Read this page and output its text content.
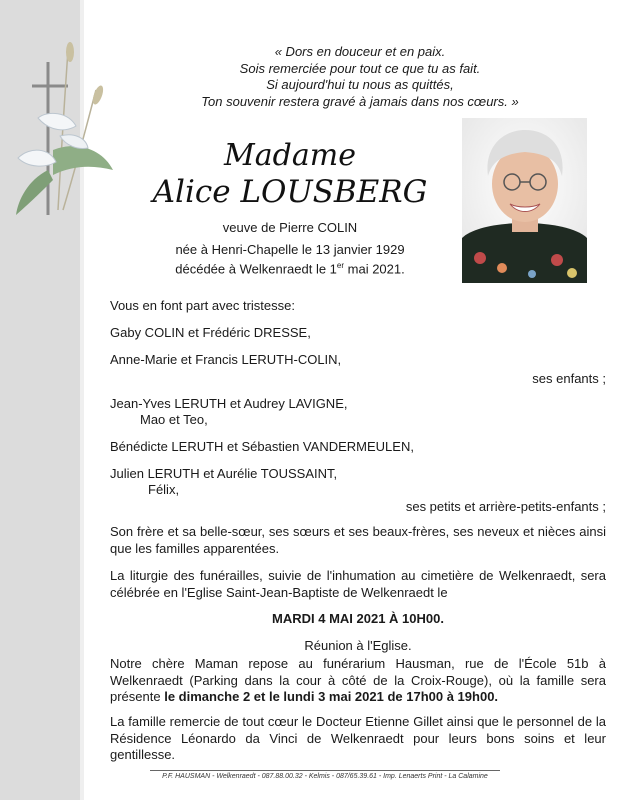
« Dors en douceur et en paix.
Sois remerciée pour tout ce que tu as fait.
Si aujourd'hui tu nous as quittés,
Ton souvenir restera gravé à jamais dans nos cœurs. »
Madame
Alice LOUSBERG
veuve de Pierre COLIN
née à Henri-Chapelle le 13 janvier 1929
décédée à Welkenraedt le 1er mai 2021.
Vous en font part avec tristesse:
Gaby COLIN et Frédéric DRESSE,
Anne-Marie et Francis LERUTH-COLIN,
ses enfants ;
Jean-Yves LERUTH et Audrey LAVIGNE,
Mao et Teo,
Bénédicte LERUTH et Sébastien VANDERMEULEN,
Julien LERUTH et Aurélie TOUSSAINT,
Félix,
ses petits et arrière-petits-enfants ;
Son frère et sa belle-sœur, ses sœurs et ses beaux-frères, ses neveux et nièces ainsi que les familles apparentées.
La liturgie des funérailles, suivie de l'inhumation au cimetière de Welkenraedt, sera célébrée en l'Eglise Saint-Jean-Baptiste de Welkenraedt le
MARDI 4 MAI 2021 À 10H00.
Réunion à l'Eglise.
Notre chère Maman repose au funérarium Hausman, rue de l'École 51b à Welkenraedt (Parking dans la cour à côté de la Croix-Rouge), où la famille sera présente le dimanche 2 et le lundi 3 mai 2021 de 17h00 à 19h00.
La famille remercie de tout cœur le Docteur Etienne Gillet ainsi que le personnel de la Résidence Léonardo da Vinci de Welkenraedt pour leurs bons soins et leur gentillesse.
P.F. HAUSMAN - Welkenraedt - 087.88.00.32 - Kelmis - 087/65.39.61 - Imp. Lenaerts Print - La Calamine
